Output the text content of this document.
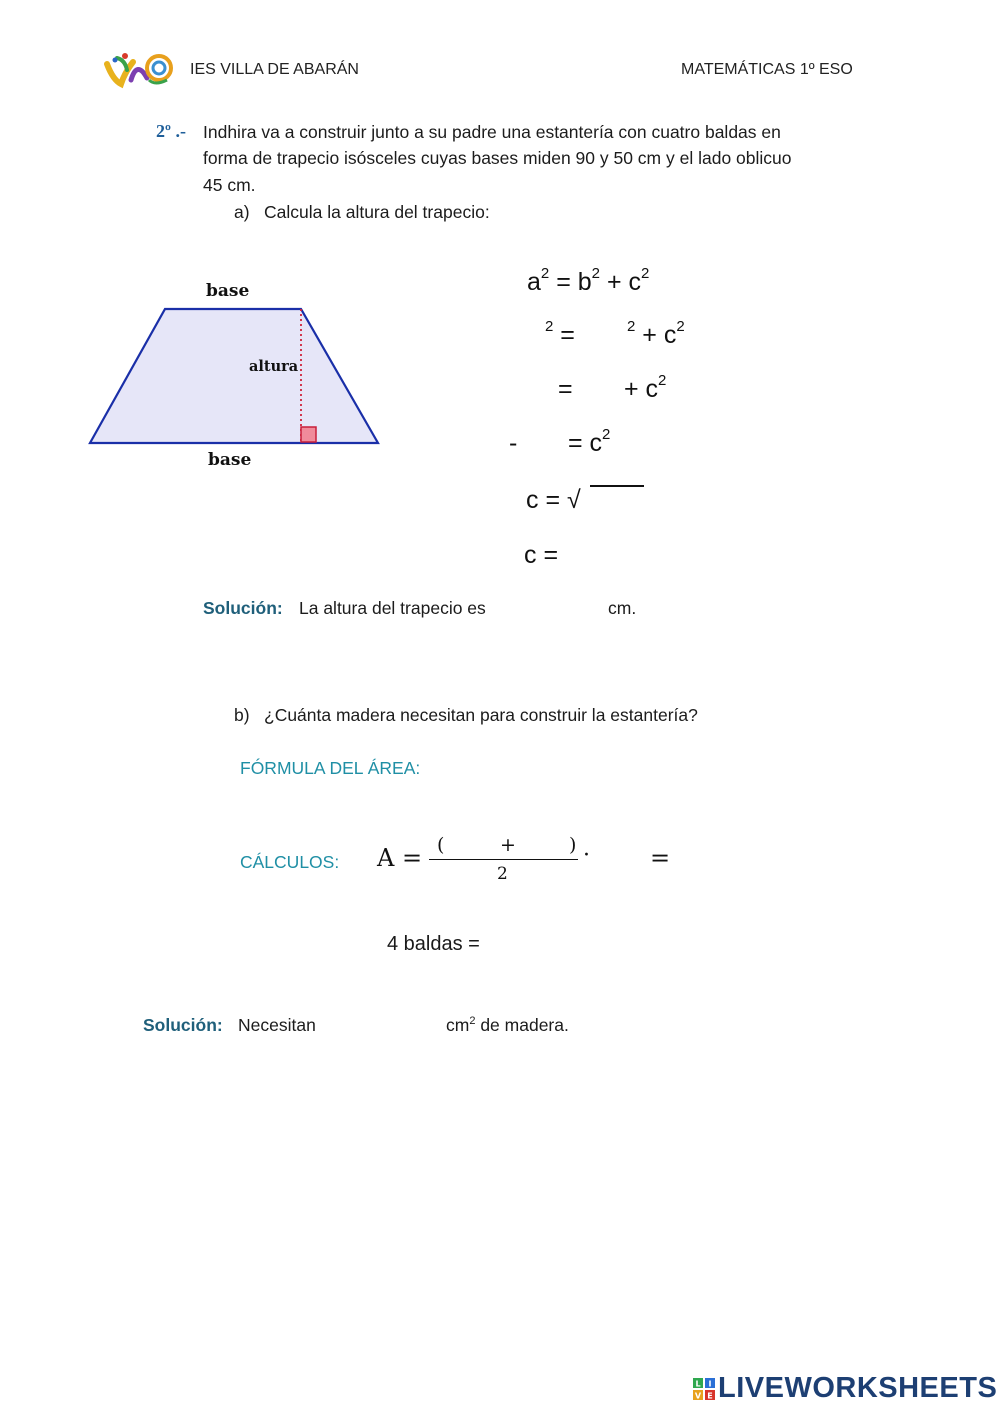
IES VILLA DE ABARÁN	MATEMÁTICAS 1º ESO
2º .- Indhira va a construir junto a su padre una estantería con cuatro baldas en
forma de trapecio isósceles cuyas bases miden 90 y 50 cm y el lado oblicuo
45 cm.
a) Calcula la altura del trapecio:
base
altura
base
$a^2 = b^2 + c^2$
$^2$ =	$^2 + c^2$
= + $c^2$
- = $c^2$
c = √
c =
Solución: La altura del trapecio es	cm.
b) ¿Cuánta madera necesitan para construir la estantería?
FÓRMULA DEL ÁREA:
CÁLCULOS: A = (	+	)
2
·	=
4 baldas =
Solución: Necesitan	$cm^2$ de madera.
L I
V E LIVEWORKSHEETS
